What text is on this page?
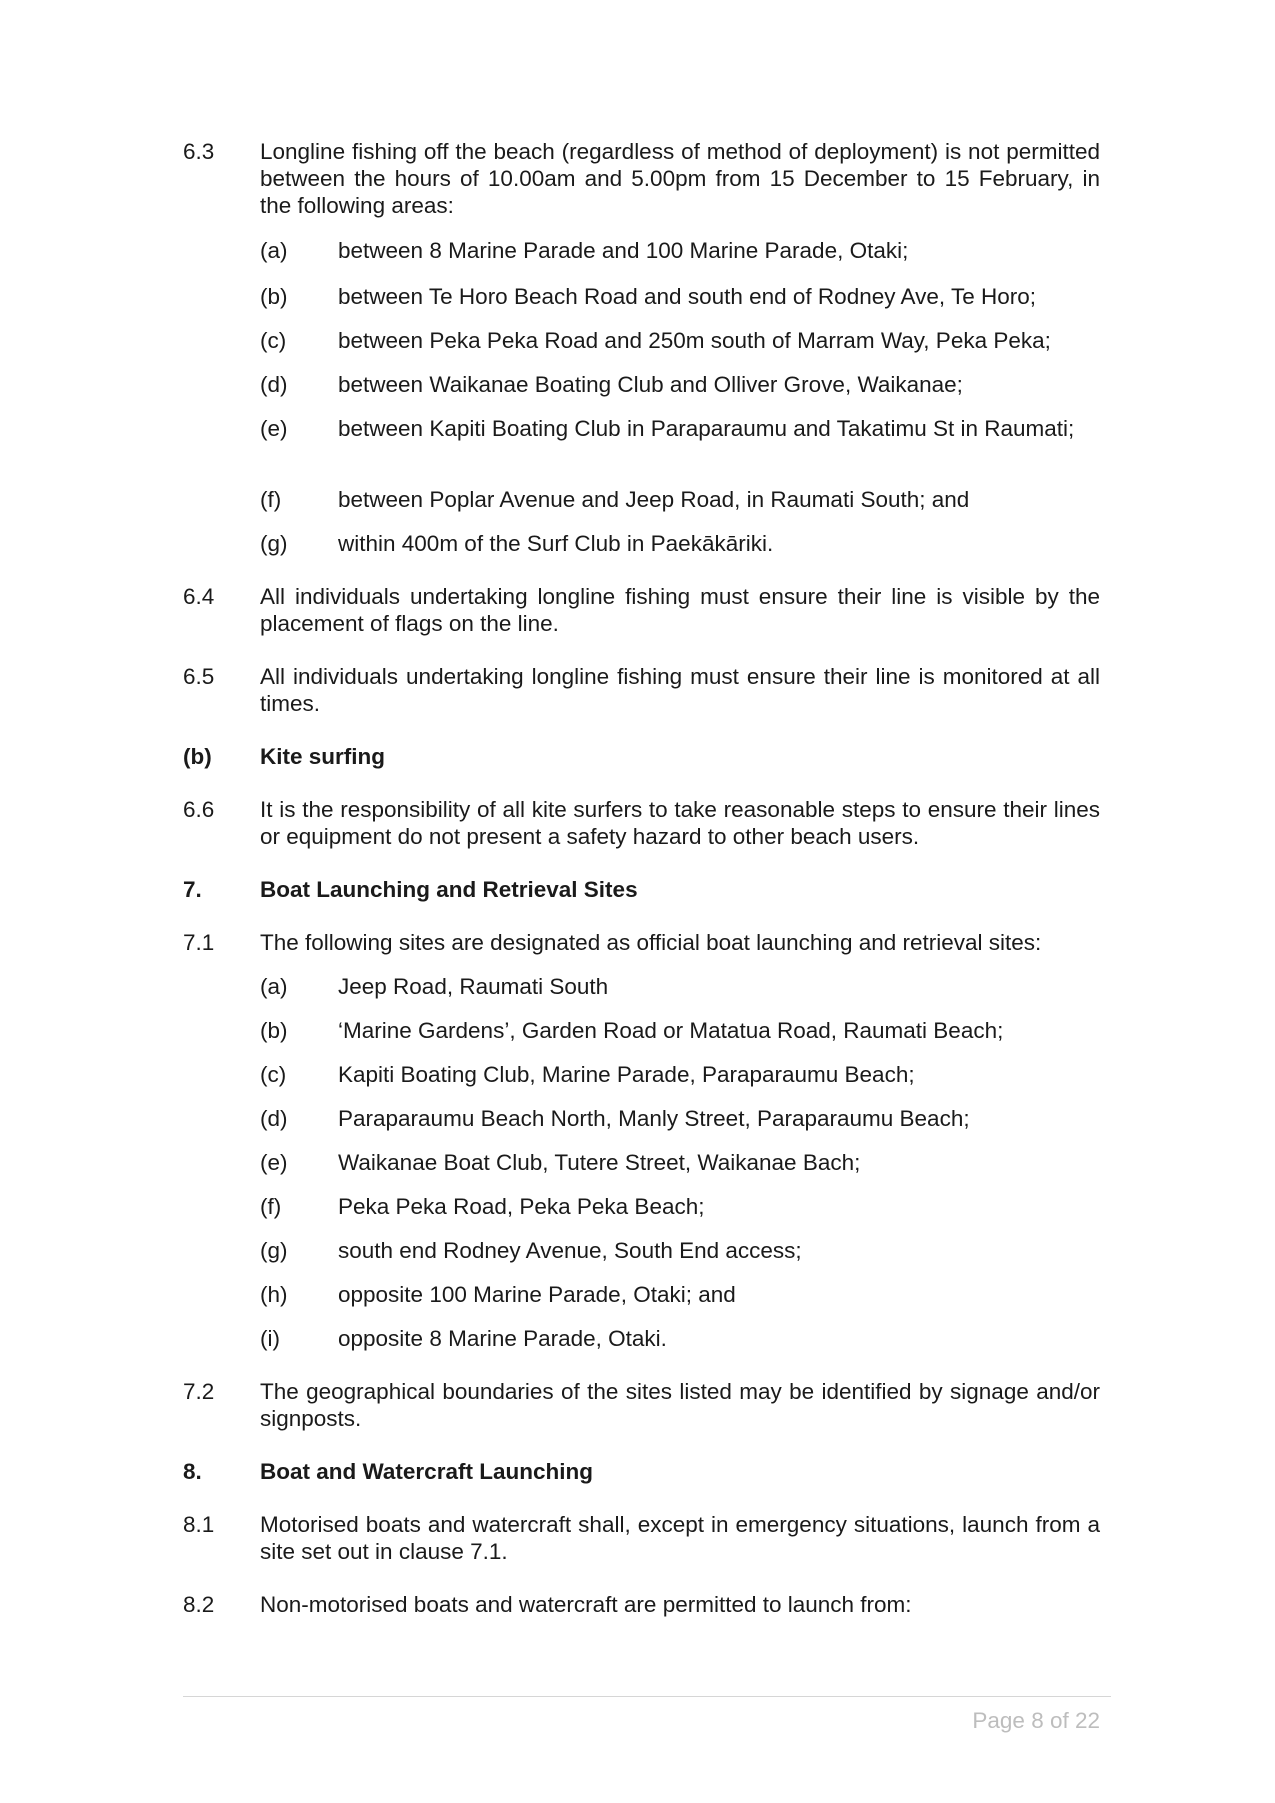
6.3	Longline fishing off the beach (regardless of method of deployment) is not permitted between the hours of 10.00am and 5.00pm from 15 December to 15 February, in the following areas:
(a)	between 8 Marine Parade and 100 Marine Parade, Otaki;
(b)	between Te Horo Beach Road and south end of Rodney Ave, Te Horo;
(c)	between Peka Peka Road and 250m south of Marram Way, Peka Peka;
(d)	between Waikanae Boating Club and Olliver Grove, Waikanae;
(e)	between Kapiti Boating Club in Paraparaumu and Takatimu St in Raumati;
(f)	between Poplar Avenue and Jeep Road, in Raumati South; and
(g)	within 400m of the Surf Club in Paekākāriki.
6.4	All individuals undertaking longline fishing must ensure their line is visible by the placement of flags on the line.
6.5	All individuals undertaking longline fishing must ensure their line is monitored at all times.
(b)	Kite surfing
6.6	It is the responsibility of all kite surfers to take reasonable steps to ensure their lines or equipment do not present a safety hazard to other beach users.
7.	Boat Launching and Retrieval Sites
7.1	The following sites are designated as official boat launching and retrieval sites:
(a)	Jeep Road, Raumati South
(b)	‘Marine Gardens’, Garden Road or Matatua Road, Raumati Beach;
(c)	Kapiti Boating Club, Marine Parade, Paraparaumu Beach;
(d)	Paraparaumu Beach North, Manly Street, Paraparaumu Beach;
(e)	Waikanae Boat Club, Tutere Street, Waikanae Bach;
(f)	Peka Peka Road, Peka Peka Beach;
(g)	south end Rodney Avenue, South End access;
(h)	opposite 100 Marine Parade, Otaki; and
(i)	opposite 8 Marine Parade, Otaki.
7.2	The geographical boundaries of the sites listed may be identified by signage and/or signposts.
8.	Boat and Watercraft Launching
8.1	Motorised boats and watercraft shall, except in emergency situations, launch from a site set out in clause 7.1.
8.2	Non-motorised boats and watercraft are permitted to launch from:
Page 8 of 22
